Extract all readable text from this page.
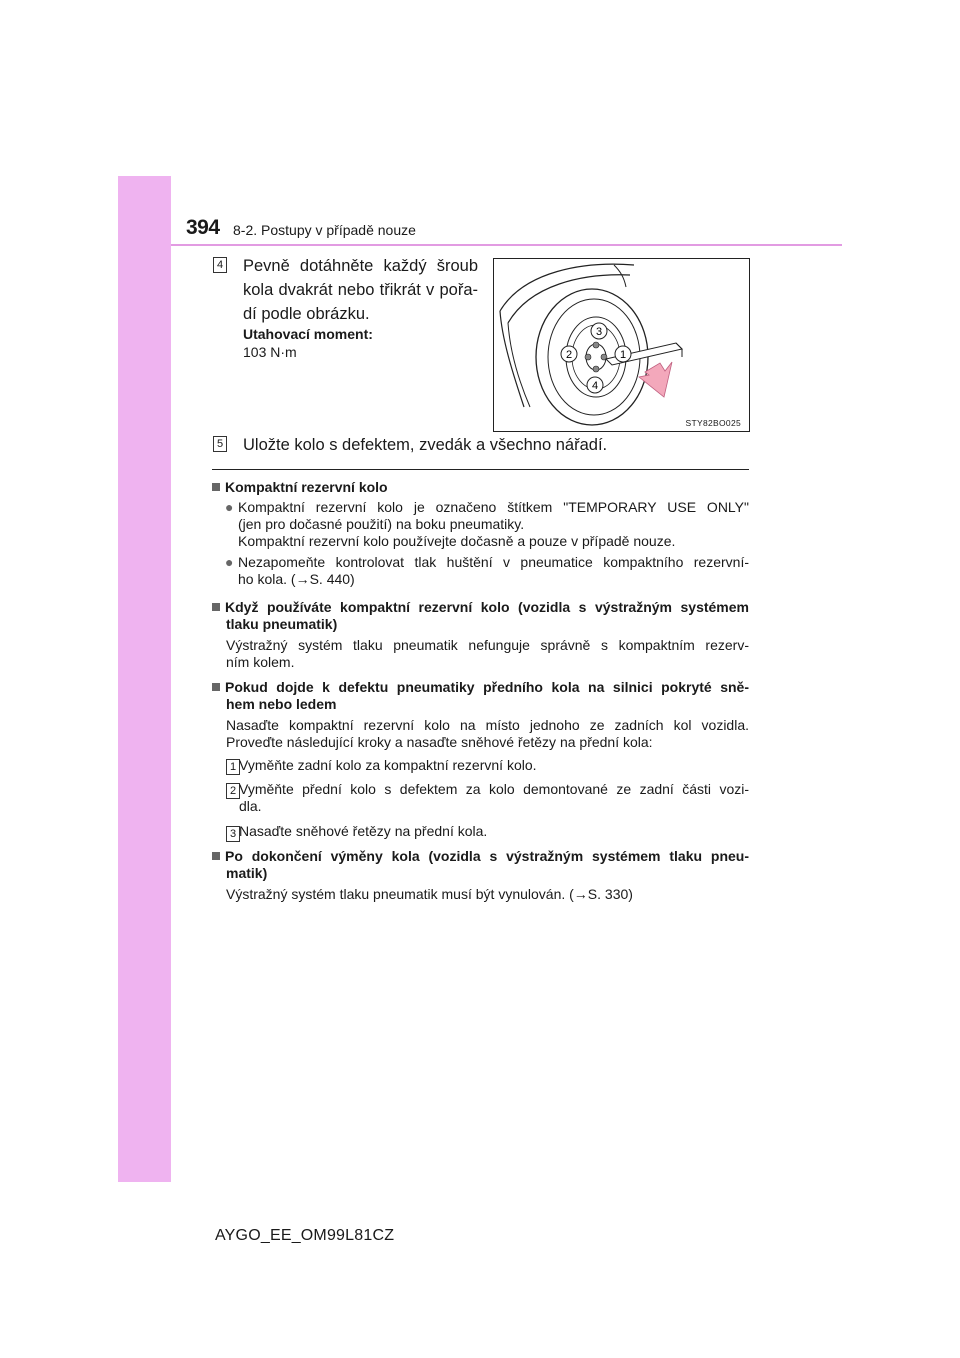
394 8-2. Postupy v případě nouze
4 Pevně dotáhněte každý šroub
kola dvakrát nebo třikrát v pořa-
dí podle obrázku.
Utahovací moment:
103 N·m
3
2	1
4
STY82BO025
5 Uložte kolo s defektem, zvedák a všechno nářadí.
Kompaktní rezervní kolo
● Kompaktní rezervní kolo je označeno štítkem "TEMPORARY USE ONLY"
(jen pro dočasné použití) na boku pneumatiky.
Kompaktní rezervní kolo používejte dočasně a pouze v případě nouze.
● Nezapomeňte kontrolovat tlak huštění v pneumatice kompaktního rezervní-
ho kola. (→S. 440)
Když používáte kompaktní rezervní kolo (vozidla s výstražným systémem
tlaku pneumatik)
Výstražný systém tlaku pneumatik nefunguje správně s kompaktním rezerv-
ním kolem.
Pokud dojde k defektu pneumatiky předního kola na silnici pokryté sně-
hem nebo ledem
Nasaďte kompaktní rezervní kolo na místo jednoho ze zadních kol vozidla.
Proveďte následující kroky a nasaďte sněhové řetězy na přední kola:
1 Vyměňte zadní kolo za kompaktní rezervní kolo.
2 Vyměňte přední kolo s defektem za kolo demontované ze zadní části vozi-
dla.
3 Nasaďte sněhové řetězy na přední kola.
Po dokončení výměny kola (vozidla s výstražným systémem tlaku pneu-
matik)
Výstražný systém tlaku pneumatik musí být vynulován. (→S. 330)
AYGO_EE_OM99L81CZ
